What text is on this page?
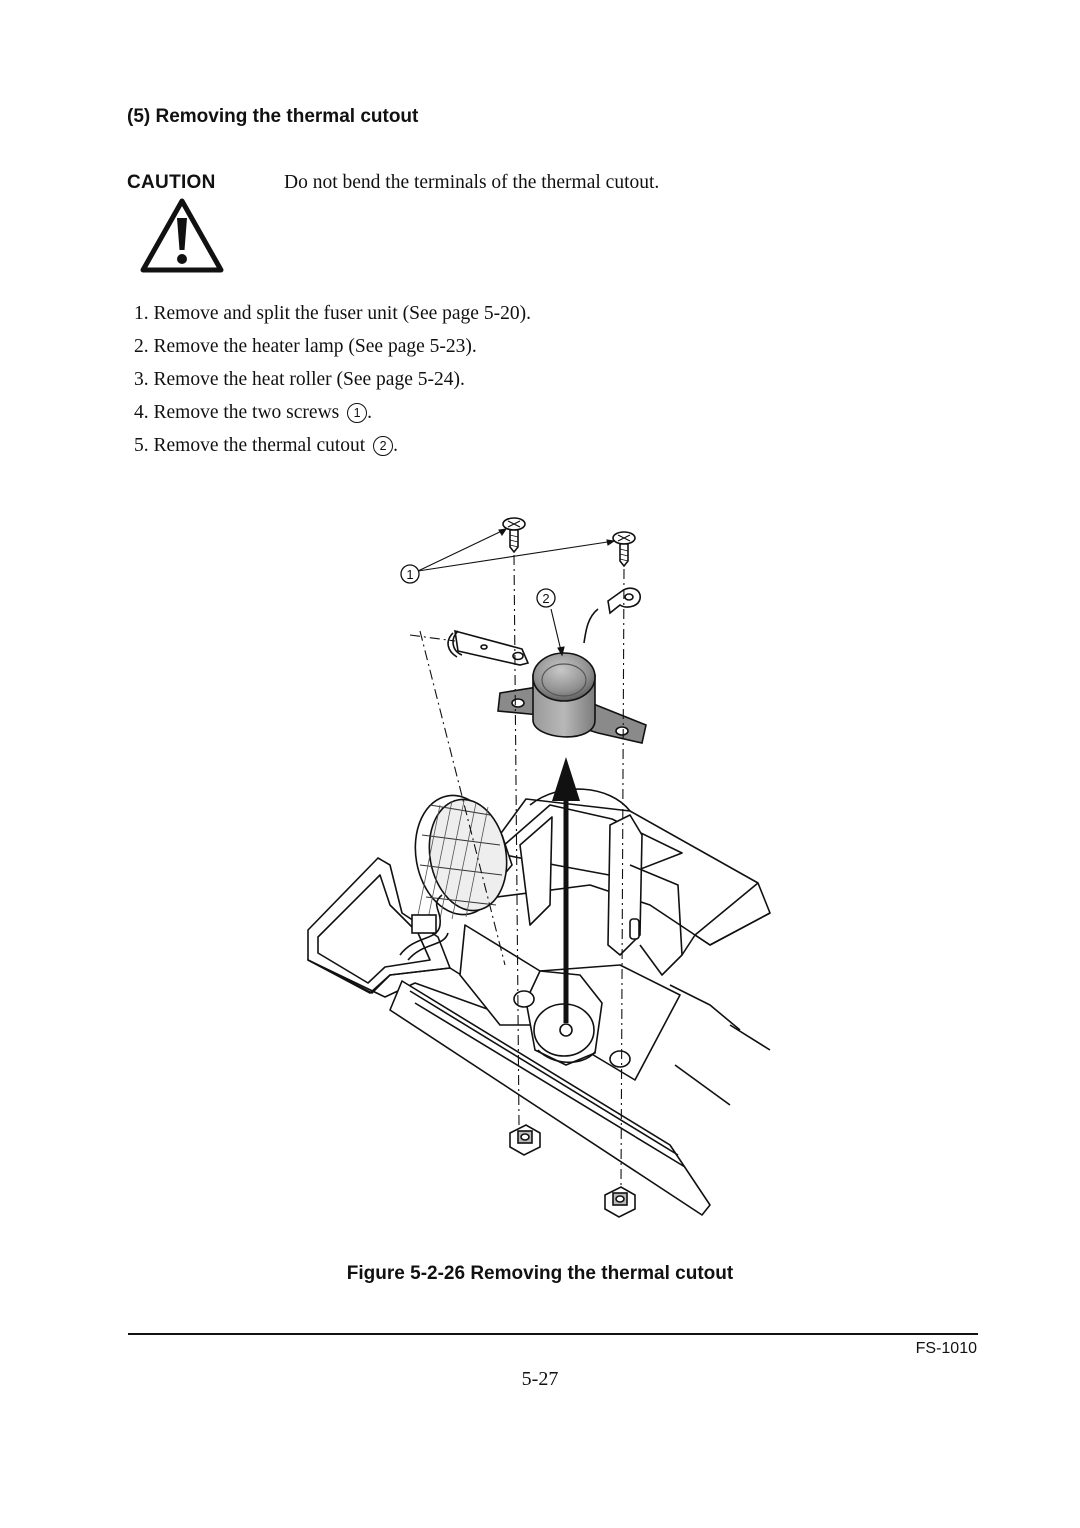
(5) Removing the thermal cutout
CAUTION	Do not bend the terminals of the thermal cutout.
1. Remove and split the fuser unit (See page 5-20).
2. Remove the heater lamp (See page 5-23).
3. Remove the heat roller (See page 5-24).
4. Remove the two screws 1 .
5. Remove the thermal cutout 2 .
1
2
Figure 5-2-26 Removing the thermal cutout
FS-1010
5-27
